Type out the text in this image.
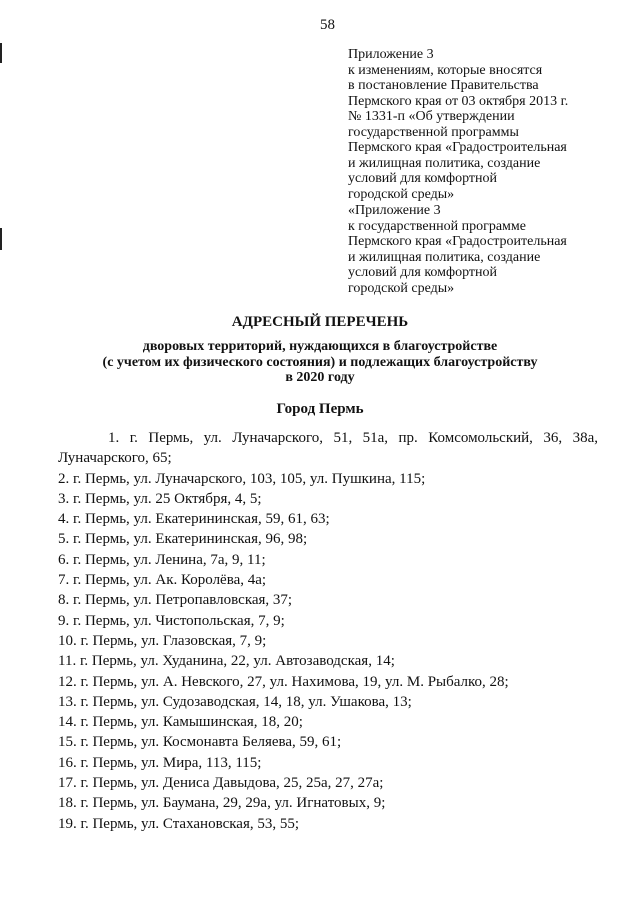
58
Приложение 3
к изменениям, которые вносятся
в постановление Правительства
Пермского края от 03 октября 2013 г.
№ 1331-п «Об утверждении
государственной программы
Пермского края «Градостроительная
и жилищная политика, создание
условий для комфортной
городской среды»
«Приложение 3
к государственной программе
Пермского края «Градостроительная
и жилищная политика, создание
условий для комфортной
городской среды»
АДРЕСНЫЙ ПЕРЕЧЕНЬ
дворовых территорий, нуждающихся в благоустройстве
(с учетом их физического состояния) и подлежащих благоустройству
в 2020 году
Город Пермь
1. г. Пермь, ул. Луначарского, 51, 51а, пр. Комсомольский, 36, 38а,
Луначарского, 65;
2. г. Пермь, ул. Луначарского, 103, 105, ул. Пушкина, 115;
3. г. Пермь, ул. 25 Октября, 4, 5;
4. г. Пермь, ул. Екатерининская, 59, 61, 63;
5. г. Пермь, ул. Екатерининская, 96, 98;
6. г. Пермь, ул. Ленина, 7а, 9, 11;
7. г. Пермь, ул. Ак. Королёва, 4а;
8. г. Пермь, ул. Петропавловская, 37;
9. г. Пермь, ул. Чистопольская, 7, 9;
10. г. Пермь, ул. Глазовская, 7, 9;
11. г. Пермь, ул. Худанина, 22, ул. Автозаводская, 14;
12. г. Пермь, ул. А. Невского, 27, ул. Нахимова, 19, ул. М. Рыбалко, 28;
13. г. Пермь, ул. Судозаводская, 14, 18, ул. Ушакова, 13;
14. г. Пермь, ул. Камышинская, 18, 20;
15. г. Пермь, ул. Космонавта Беляева, 59, 61;
16. г. Пермь, ул. Мира, 113, 115;
17. г. Пермь, ул. Дениса Давыдова, 25, 25а, 27, 27а;
18. г. Пермь, ул. Баумана, 29, 29а, ул. Игнатовых, 9;
19. г. Пермь, ул. Стахановская, 53, 55;
